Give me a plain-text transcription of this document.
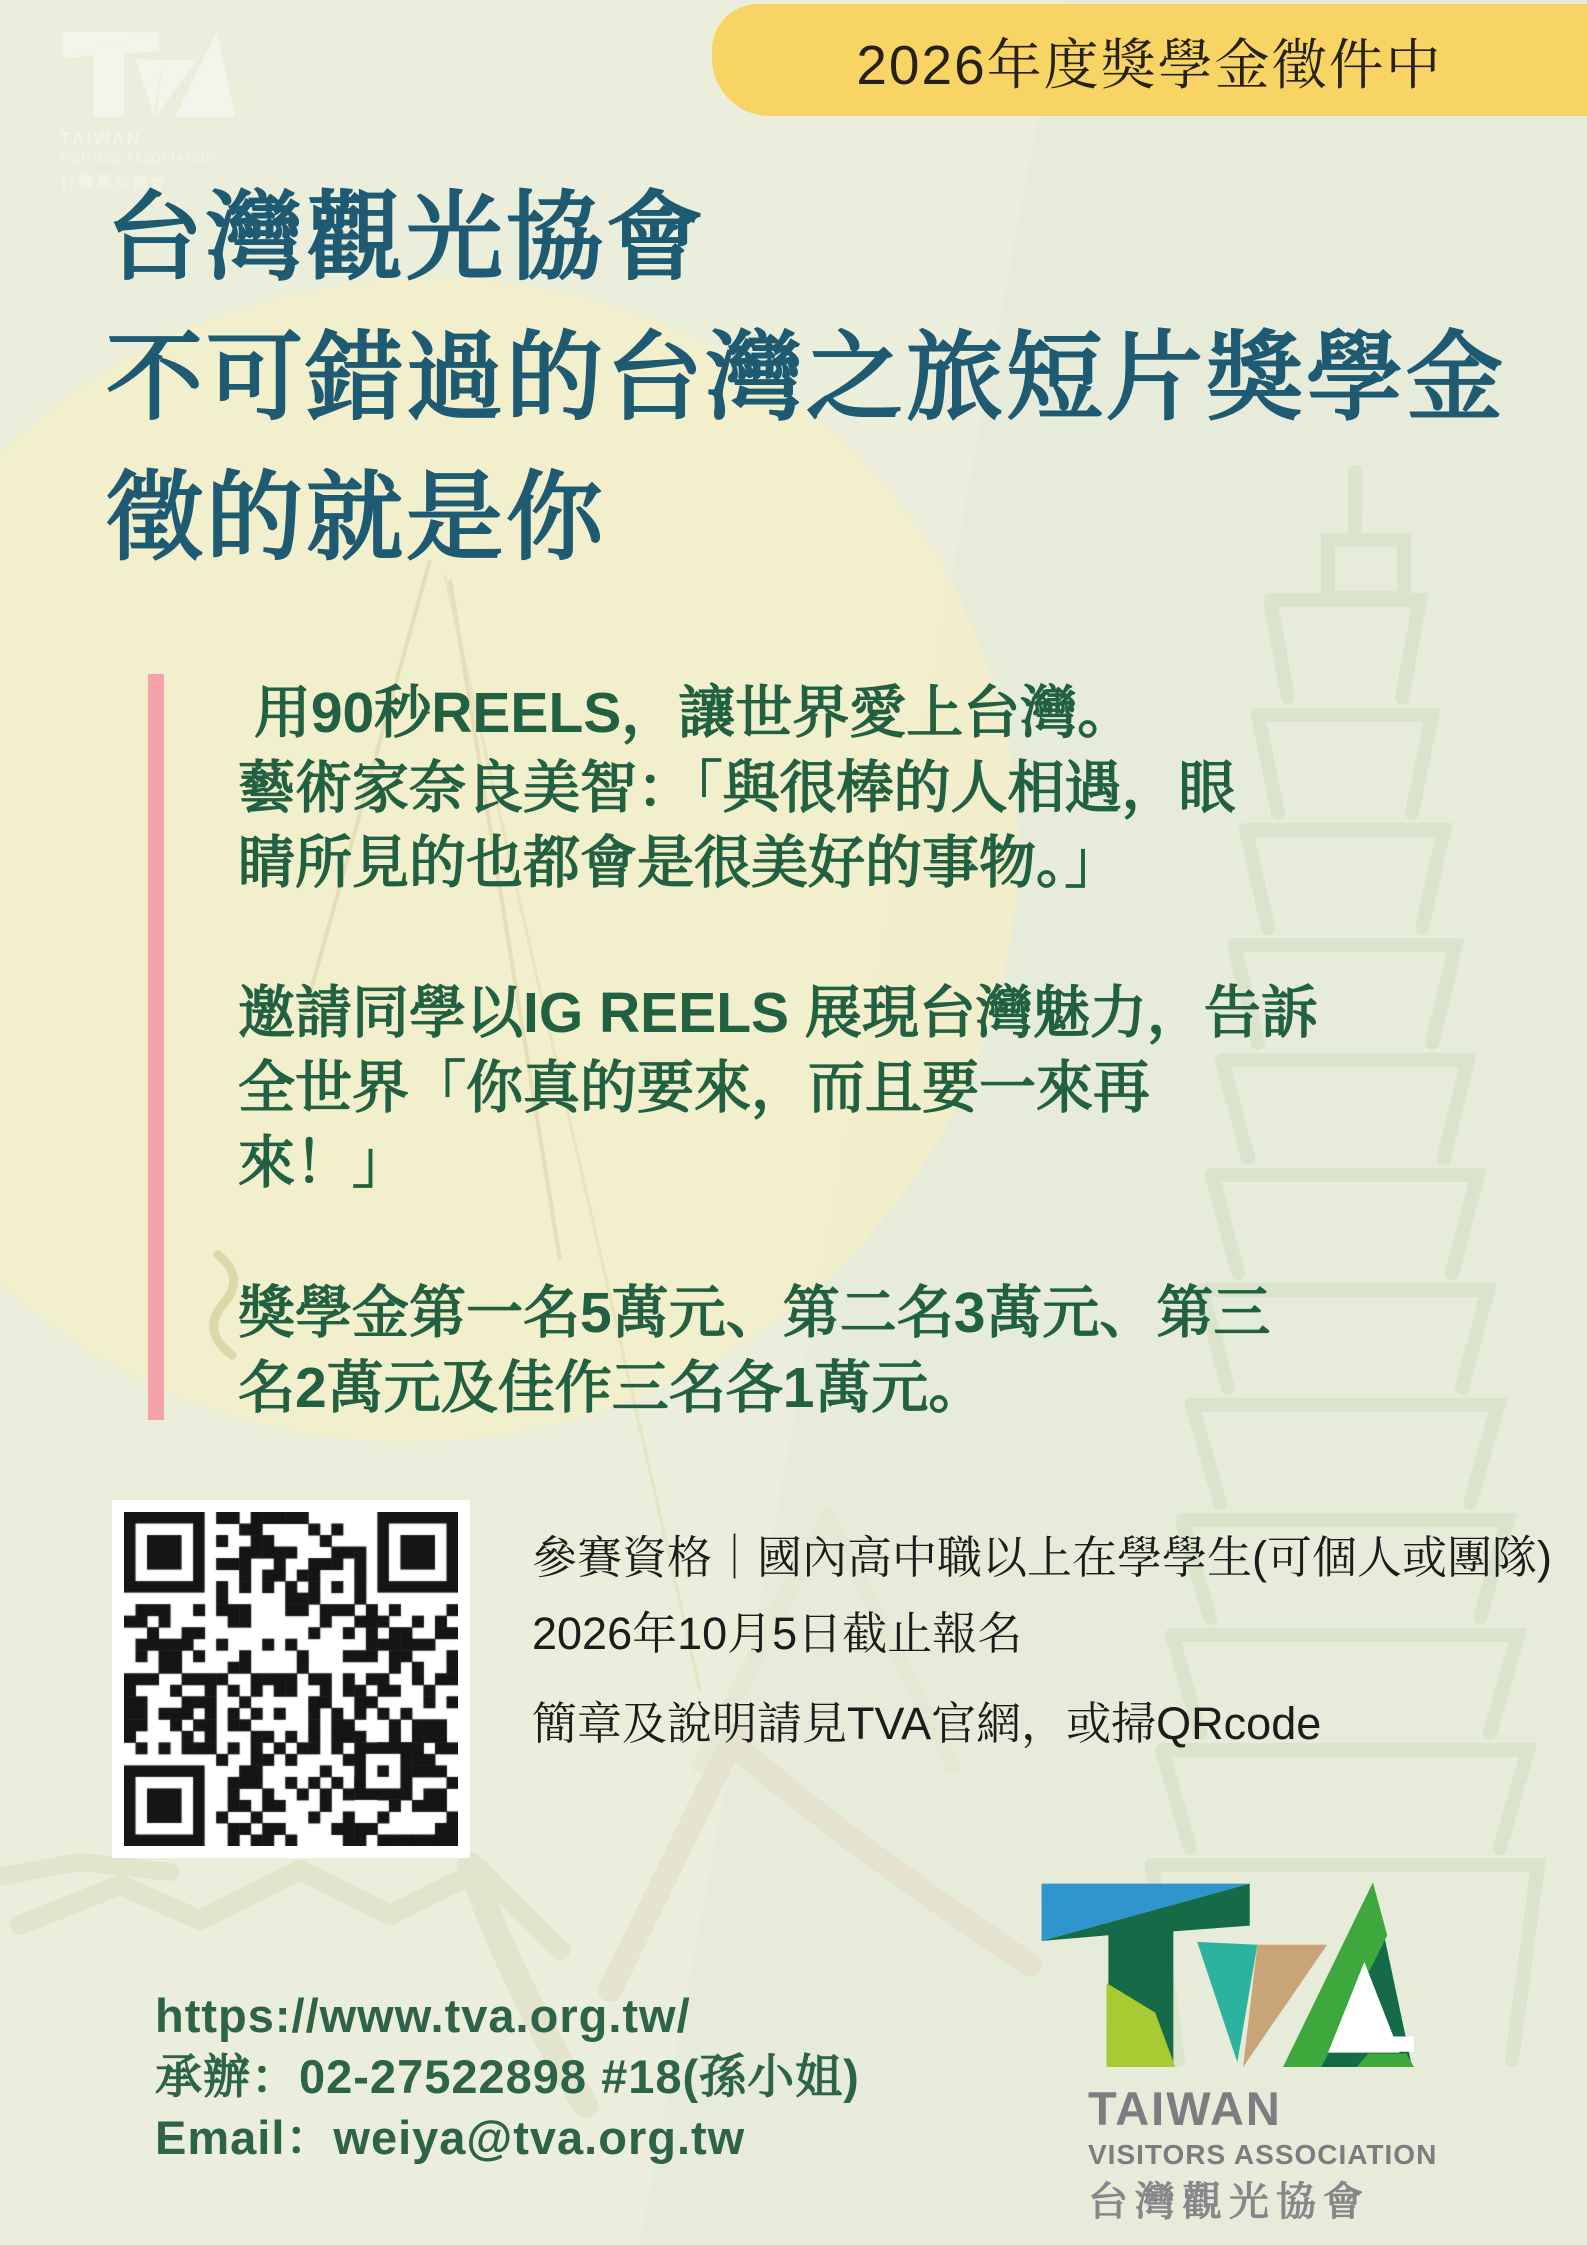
TAIWAN
VISITORS ASSOCIATION
台灣觀光協會
2026年度獎學金徵件中
台灣觀光協會
不可錯過的台灣之旅短片獎學金
徵的就是你

用90秒REELS，讓世界愛上台灣。
藝術家奈良美智：「與很棒的人相遇，眼
睛所見的也都會是很美好的事物。」

邀請同學以IG REELS 展現台灣魅力，告訴
全世界「你真的要來，而且要一來再
來！」

獎學金第一名5萬元、第二名3萬元、第三
名2萬元及佳作三名各1萬元。

參賽資格｜國內高中職以上在學學生(可個人或團隊)
2026年10月5日截止報名
簡章及說明請見TVA官網，或掃QRcode
https://www.tva.org.tw/
承辦：02-27522898 #18(孫小姐)
Email：weiya@tva.org.tw
TAIWAN
VISITORS ASSOCIATION
台灣觀光協會
